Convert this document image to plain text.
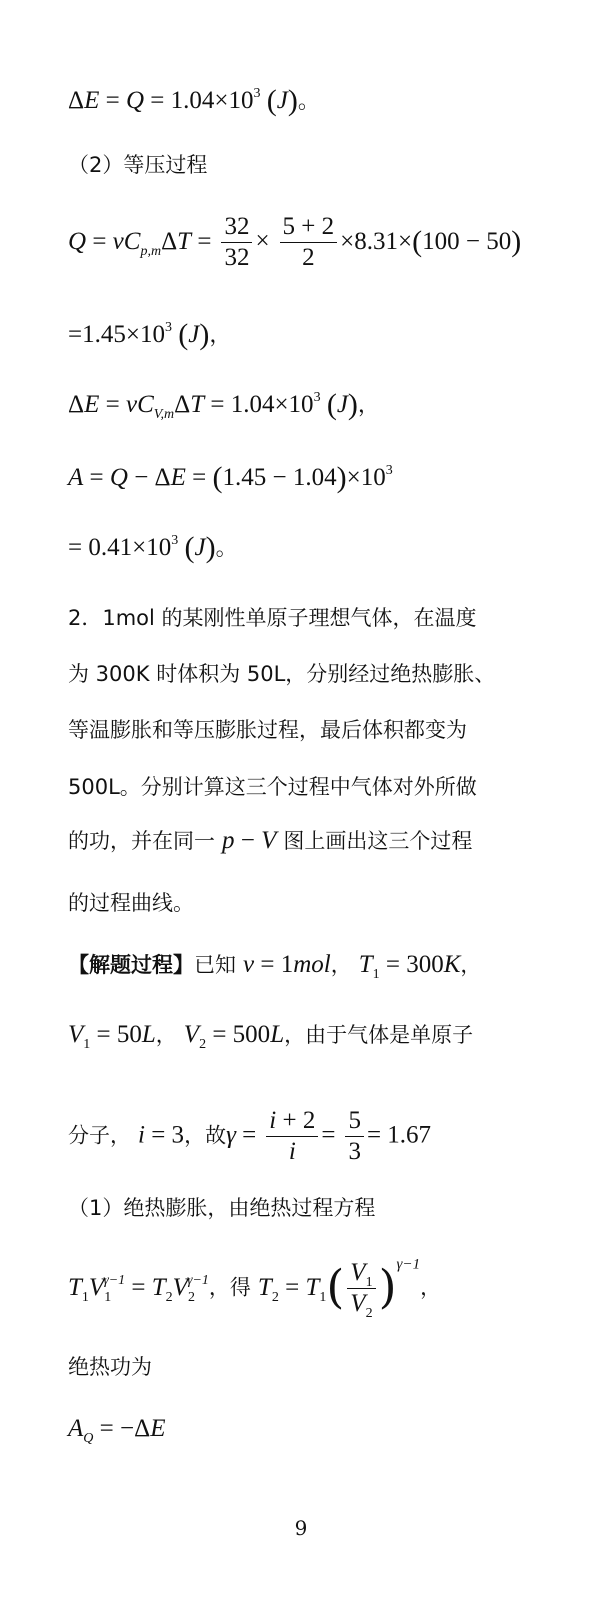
$\Delta E = Q = 1.04\times 10^3$ (J)。
（2）等压过程
$Q = \nu C_{p,m}\Delta T = \frac{32}{32} \times \frac{5 + 2}{2} \times 8.31\times(100 - 50)$
$=1.45\times 10^3$ (J)，
$\Delta E = \nu C_{V,m}\Delta T = 1.04\times 10^3$ (J)，
$A = Q - \Delta E = (1.45 - 1.04)\times 10^3$
= $0.41\times 10^3$ (J)。
2．1mol 的某刚性单原子理想气体，在温度
为 300K 时体积为 50L，分别经过绝热膨胀、
等温膨胀和等压膨胀过程，最后体积都变为
500L。分别计算这三个过程中气体对外所做
的功，并在同一 p − V 图上画出这三个过程
的过程曲线。
【解题过程】已知 ν = 1mol， $T_1 = 300K$，
$V_1 = 50L$， $V_2 = 500L$，由于气体是单原子
分子， i = 3，故$\gamma = \frac{i + 2}{i} = \frac{5}{3} = 1.67$
（1）绝热膨胀，由绝热过程方程
$T_1V_1^{\gamma-1} = T_2V_2^{\gamma-1}$，得 $T_2 = T_1( \frac{V_1}{V_2} )^{\gamma-1}$，
绝热功为
$A_Q = -\Delta E$
9
